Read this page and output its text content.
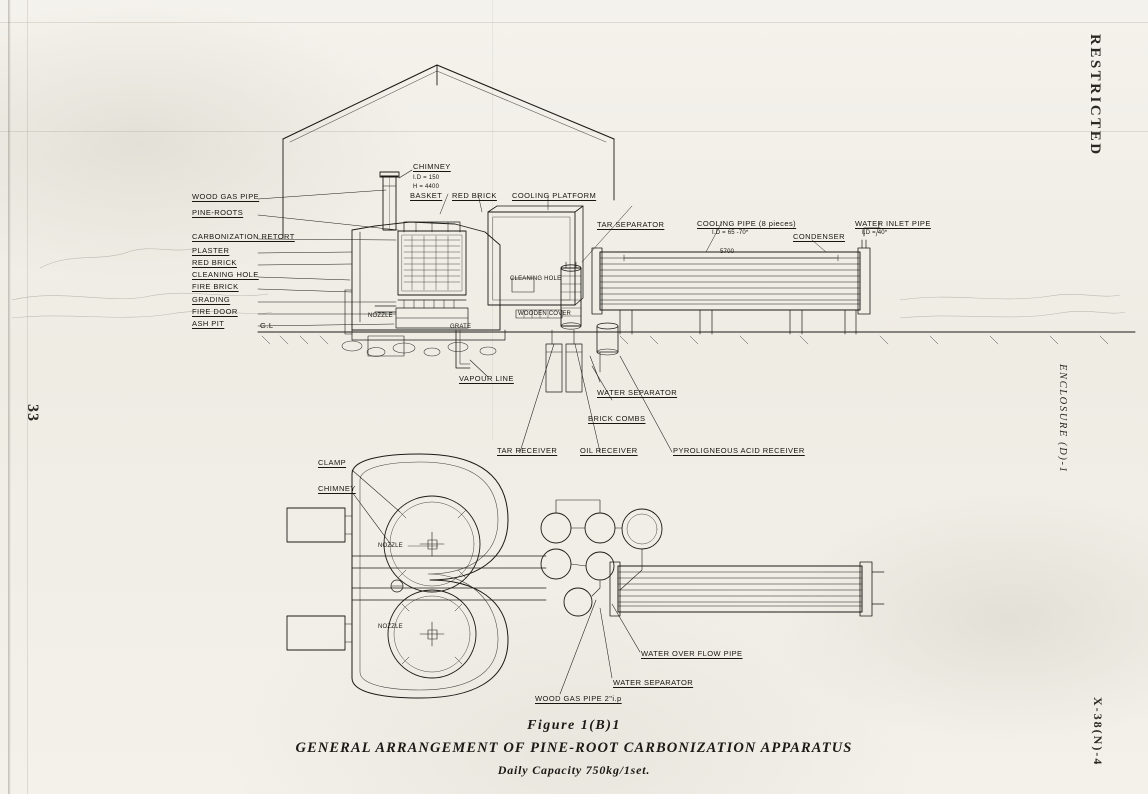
WOOD GAS PIPE
PINE-ROOTS
CARBONIZATION RETORT
PLASTER
RED BRICK
CLEANING HOLE
FIRE BRICK
GRADING
FIRE DOOR
ASH PIT
CHIMNEY
I.D = 150
H = 4400
BASKET RED BRICK COOLING PLATFORM
TAR SEPARATOR	COOLING PIPE (8 pieces)
I.D = 65 -70*	CONDENSER
WATER INLET PIPE
I.D = 40*
G.L
NOZZLE
GRATE
CLEANING HOLE
WOODEN COVER
5700
VAPOUR LINE
WATER SEPARATOR
BRICK COMBS
TAR RECEIVER	OIL RECEIVER	PYROLIGNEOUS ACID RECEIVER
CLAMP
CHIMNEY
NOZZLE
NOZZLE
WATER OVER FLOW PIPE
WATER SEPARATOR
WOOD GAS PIPE 2"i.p
RESTRICTED
ENCLOSURE (D)-1
X-38(N)-4
33
Figure 1(B)1
GENERAL ARRANGEMENT OF PINE-ROOT CARBONIZATION APPARATUS
Daily Capacity 750kg/1set.
